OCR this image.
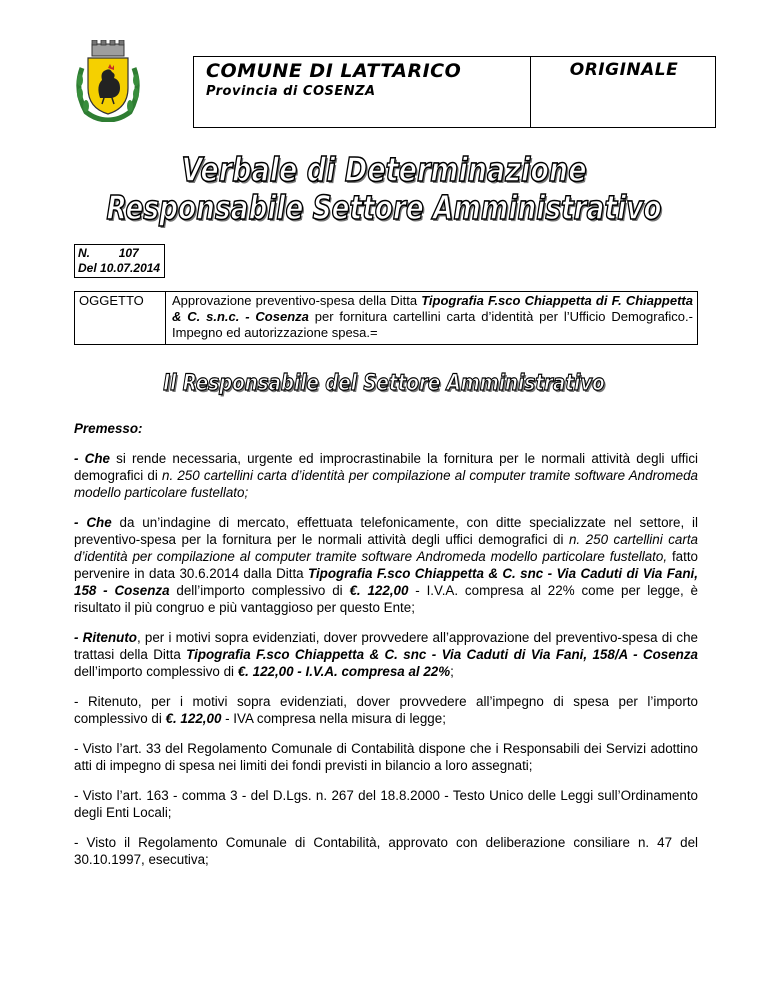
COMUNE DI LATTARICO
Provincia di COSENZA
ORIGINALE
Verbale di Determinazione
Responsabile Settore Amministrativo
N. 107
Del 10.07.2014
OGGETTO	Approvazione preventivo-spesa della Ditta Tipografia F.sco Chiappetta di F. Chiappetta & C. s.n.c. - Cosenza per fornitura cartellini carta d’identità per l’Ufficio Demografico.- Impegno ed autorizzazione spesa.=
Il Responsabile del Settore Amministrativo

Premesso:

- Che si rende necessaria, urgente ed improcrastinabile la fornitura per le normali attività degli uffici demografici di n. 250 cartellini carta d’identità per compilazione al computer tramite software Andromeda modello particolare fustellato;

- Che da un’indagine di mercato, effettuata telefonicamente, con ditte specializzate nel settore, il preventivo-spesa per la fornitura per le normali attività degli uffici demografici di n. 250 cartellini carta d’identità per compilazione al computer tramite software Andromeda modello particolare fustellato, fatto pervenire in data 30.6.2014 dalla Ditta Tipografia F.sco Chiappetta & C. snc - Via Caduti di Via Fani, 158 - Cosenza dell’importo complessivo di €. 122,00 - I.V.A. compresa al 22% come per legge, è risultato il più congruo e più vantaggioso per questo Ente;

- Ritenuto, per i motivi sopra evidenziati, dover provvedere all’approvazione del preventivo-spesa di che trattasi della Ditta Tipografia F.sco Chiappetta & C. snc - Via Caduti di Via Fani, 158/A - Cosenza dell’importo complessivo di €. 122,00 - I.V.A. compresa al 22%;

- Ritenuto, per i motivi sopra evidenziati, dover provvedere all’impegno di spesa per l’importo complessivo di €. 122,00 - IVA compresa nella misura di legge;

- Visto l’art. 33 del Regolamento Comunale di Contabilità dispone che i Responsabili dei Servizi adottino atti di impegno di spesa nei limiti dei fondi previsti in bilancio a loro assegnati;

- Visto l’art. 163 - comma 3 - del D.Lgs. n. 267 del 18.8.2000 - Testo Unico delle Leggi sull’Ordinamento degli Enti Locali;

- Visto il Regolamento Comunale di Contabilità, approvato con deliberazione consiliare n. 47 del 30.10.1997, esecutiva;
